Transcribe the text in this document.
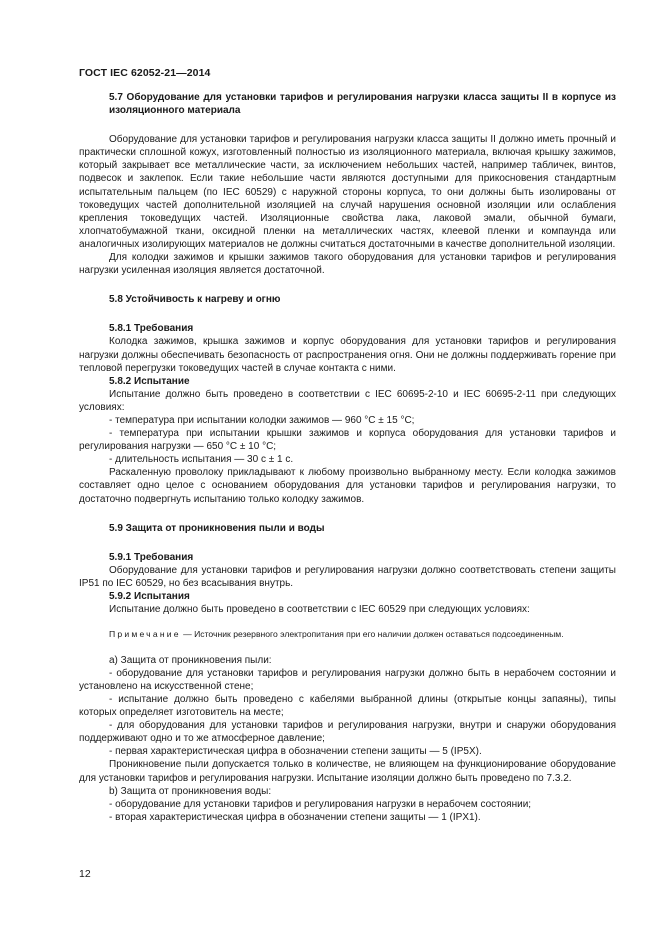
ГОСТ IEC 62052-21—2014

5.7 Оборудование для установки тарифов и регулирования нагрузки класса защиты II в корпусе из изоляционного материала

Оборудование для установки тарифов и регулирования нагрузки класса защиты II должно иметь прочный и практически сплошной кожух, изготовленный полностью из изоляционного материала, включая крышку зажимов, который закрывает все металлические части, за исключением небольших частей, например табличек, винтов, подвесок и заклепок. Если такие небольшие части являются доступными для прикосновения стандартным испытательным пальцем (по IEC 60529) с наружной стороны корпуса, то они должны быть изолированы от токоведущих частей дополнительной изоляцией на случай нарушения основной изоляции или ослабления крепления токоведущих частей. Изоляционные свойства лака, лаковой эмали, обычной бумаги, хлопчатобумажной ткани, оксидной пленки на металлических частях, клеевой пленки и компаунда или аналогичных изолирующих материалов не должны считаться достаточными в качестве дополнительной изоляции.

Для колодки зажимов и крышки зажимов такого оборудования для установки тарифов и регулирования нагрузки усиленная изоляция является достаточной.

5.8 Устойчивость к нагреву и огню

5.8.1 Требования

Колодка зажимов, крышка зажимов и корпус оборудования для установки тарифов и регулирования нагрузки должны обеспечивать безопасность от распространения огня. Они не должны поддерживать горение при тепловой перегрузки токоведущих частей в случае контакта с ними.

5.8.2 Испытание

Испытание должно быть проведено в соответствии с IEC 60695-2-10 и IEC 60695-2-11 при следующих условиях:

- температура при испытании колодки зажимов — 960 °C ± 15 °C;

- температура при испытании крышки зажимов и корпуса оборудования для установки тарифов и регулирования нагрузки — 650 °C ± 10 °C;

- длительность испытания — 30 с ± 1 с.

Раскаленную проволоку прикладывают к любому произвольно выбранному месту. Если колодка зажимов составляет одно целое с основанием оборудования для установки тарифов и регулирования нагрузки, то достаточно подвергнуть испытанию только колодку зажимов.

5.9 Защита от проникновения пыли и воды

5.9.1 Требования

Оборудование для установки тарифов и регулирования нагрузки должно соответствовать степени защиты IP51 по IEC 60529, но без всасывания внутрь.

5.9.2 Испытания

Испытание должно быть проведено в соответствии с IEC 60529 при следующих условиях:

Примечание — Источник резервного электропитания при его наличии должен оставаться подсоединенным.

a) Защита от проникновения пыли:

- оборудование для установки тарифов и регулирования нагрузки должно быть в нерабочем состоянии и установлено на искусственной стене;

- испытание должно быть проведено с кабелями выбранной длины (открытые концы запаяны), типы которых определяет изготовитель на месте;

- для оборудования для установки тарифов и регулирования нагрузки, внутри и снаружи оборудования поддерживают одно и то же атмосферное давление;

- первая характеристическая цифра в обозначении степени защиты — 5 (IP5X).

Проникновение пыли допускается только в количестве, не влияющем на функционирование оборудование для установки тарифов и регулирования нагрузки. Испытание изоляции должно быть проведено по 7.3.2.

b) Защита от проникновения воды:

- оборудование для установки тарифов и регулирования нагрузки в нерабочем состоянии;

- вторая характеристическая цифра в обозначении степени защиты — 1 (IPX1).

12
